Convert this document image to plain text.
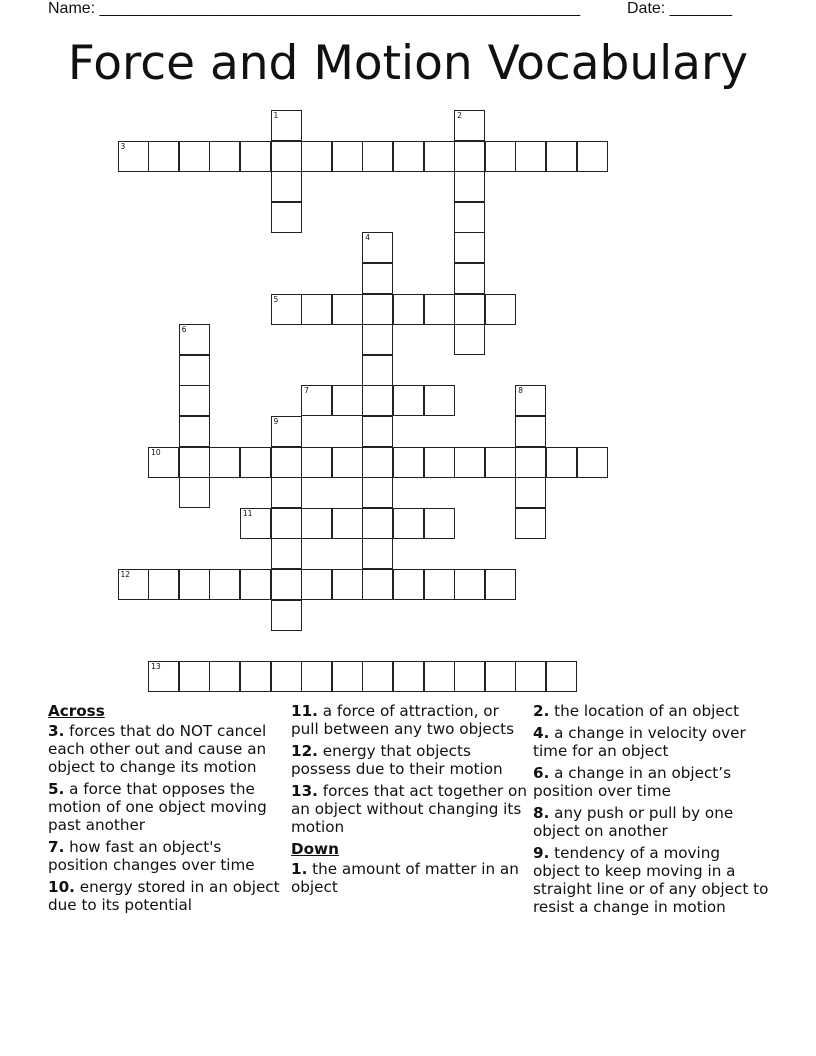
Name: ______________________________________________________	Date: _______
Force and Motion Vocabulary
1	2
3
4
5
6
7	8
9
10
11
12
13
Across
3. forces that do NOT cancel each other out and cause an object to change its motion
5. a force that opposes the motion of one object moving past another
7. how fast an object's position changes over time
10. energy stored in an object due to its potential
11. a force of attraction, or pull between any two objects
12. energy that objects possess due to their motion
13. forces that act together on an object without changing its motion
Down
1. the amount of matter in an object
2. the location of an object
4. a change in velocity over time for an object
6. a change in an object’s position over time
8. any push or pull by one object on another
9. tendency of a moving object to keep moving in a straight line or of any object to resist a change in motion
